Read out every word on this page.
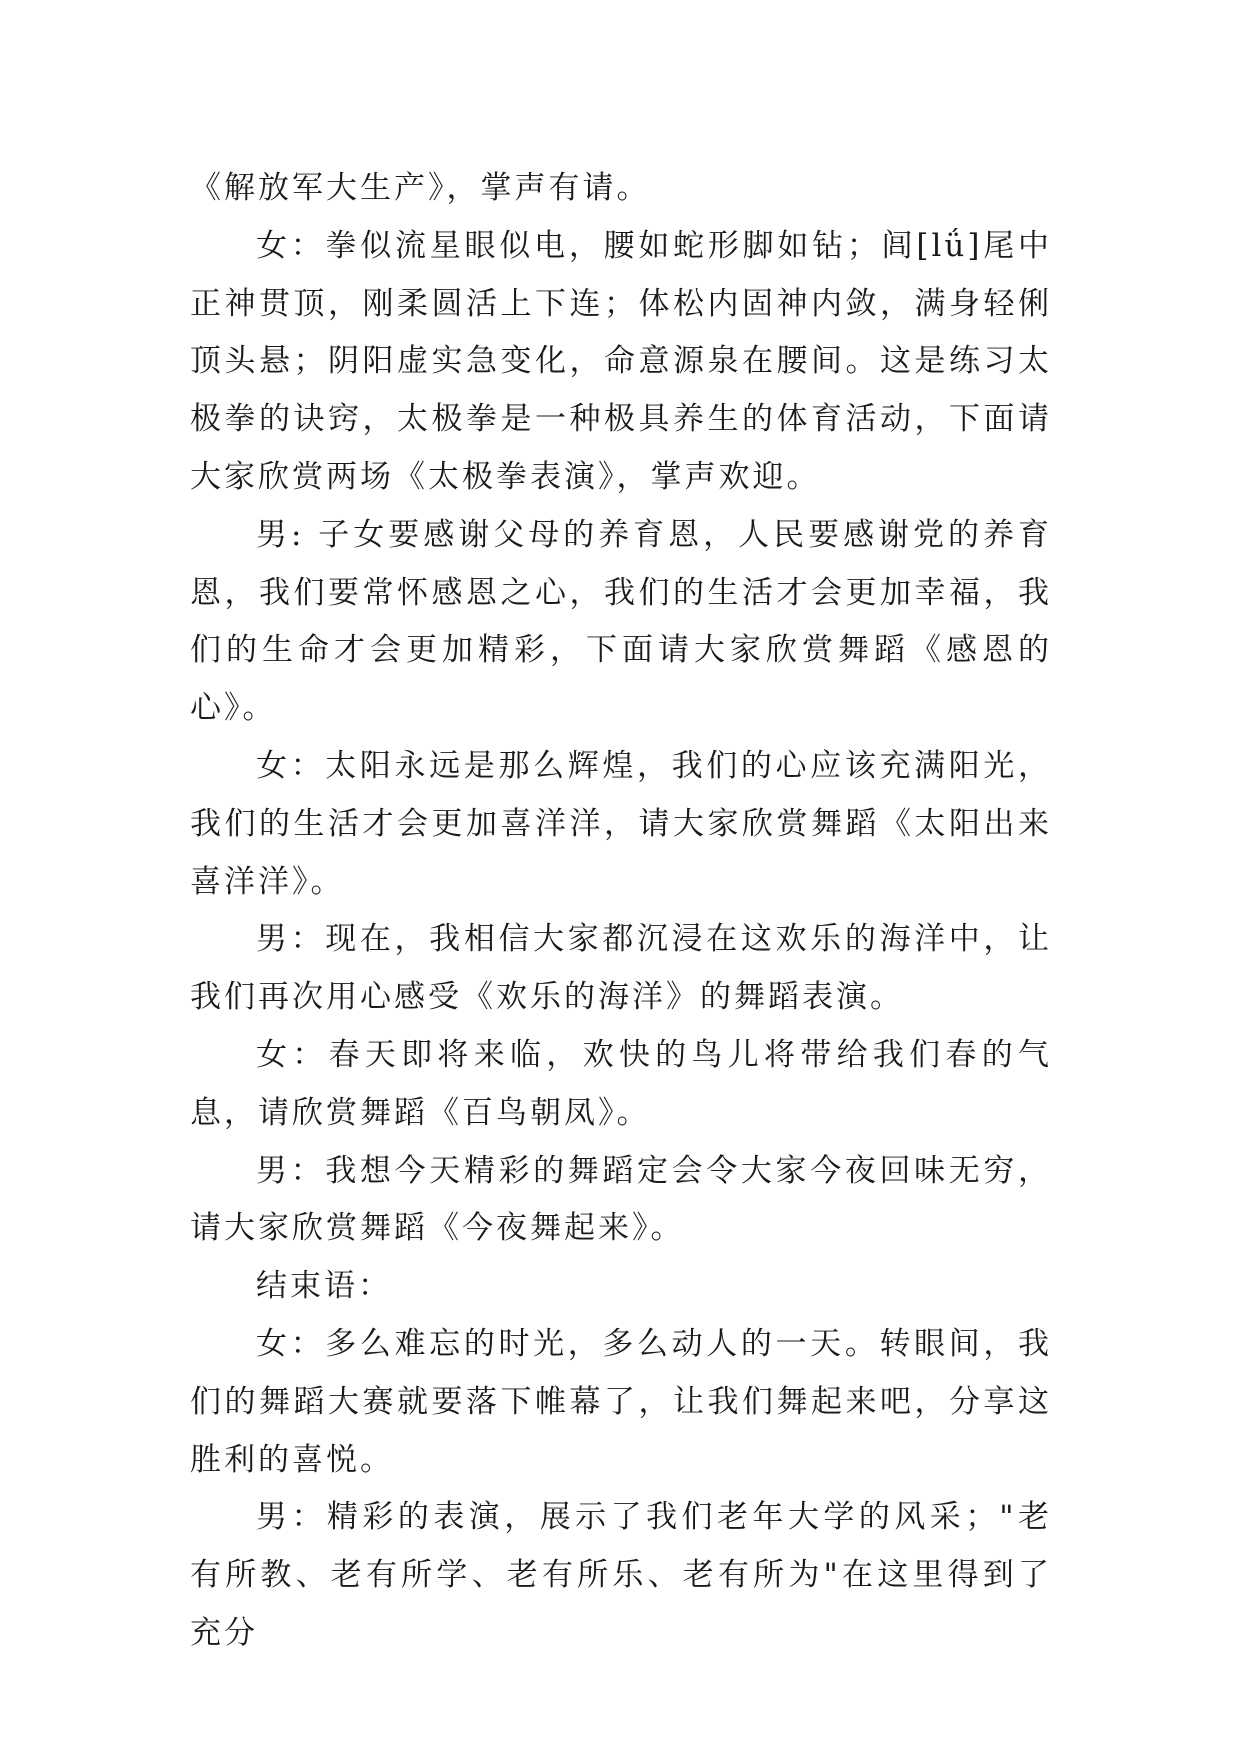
《解放军大生产》，掌声有请。

女：拳似流星眼似电，腰如蛇形脚如钻；闾[lǘ]尾中正神贯顶，刚柔圆活上下连；体松内固神内敛，满身轻俐顶头悬；阴阳虚实急变化，命意源泉在腰间。这是练习太极拳的诀窍，太极拳是一种极具养生的体育活动，下面请大家欣赏两场《太极拳表演》，掌声欢迎。

男: 子女要感谢父母的养育恩，人民要感谢党的养育恩，我们要常怀感恩之心，我们的生活才会更加幸福，我们的生命才会更加精彩，下面请大家欣赏舞蹈《感恩的心》。

女：太阳永远是那么辉煌，我们的心应该充满阳光，我们的生活才会更加喜洋洋，请大家欣赏舞蹈《太阳出来喜洋洋》。

男：现在，我相信大家都沉浸在这欢乐的海洋中，让我们再次用心感受《欢乐的海洋》的舞蹈表演。

女：春天即将来临，欢快的鸟儿将带给我们春的气息，请欣赏舞蹈《百鸟朝凤》。

男：我想今天精彩的舞蹈定会令大家今夜回味无穷，请大家欣赏舞蹈《今夜舞起来》。

结束语：

女：多么难忘的时光，多么动人的一天。转眼间，我们的舞蹈大赛就要落下帷幕了，让我们舞起来吧，分享这胜利的喜悦。

男：精彩的表演，展示了我们老年大学的风采；"老有所教、老有所学、老有所乐、老有所为"在这里得到了充分
